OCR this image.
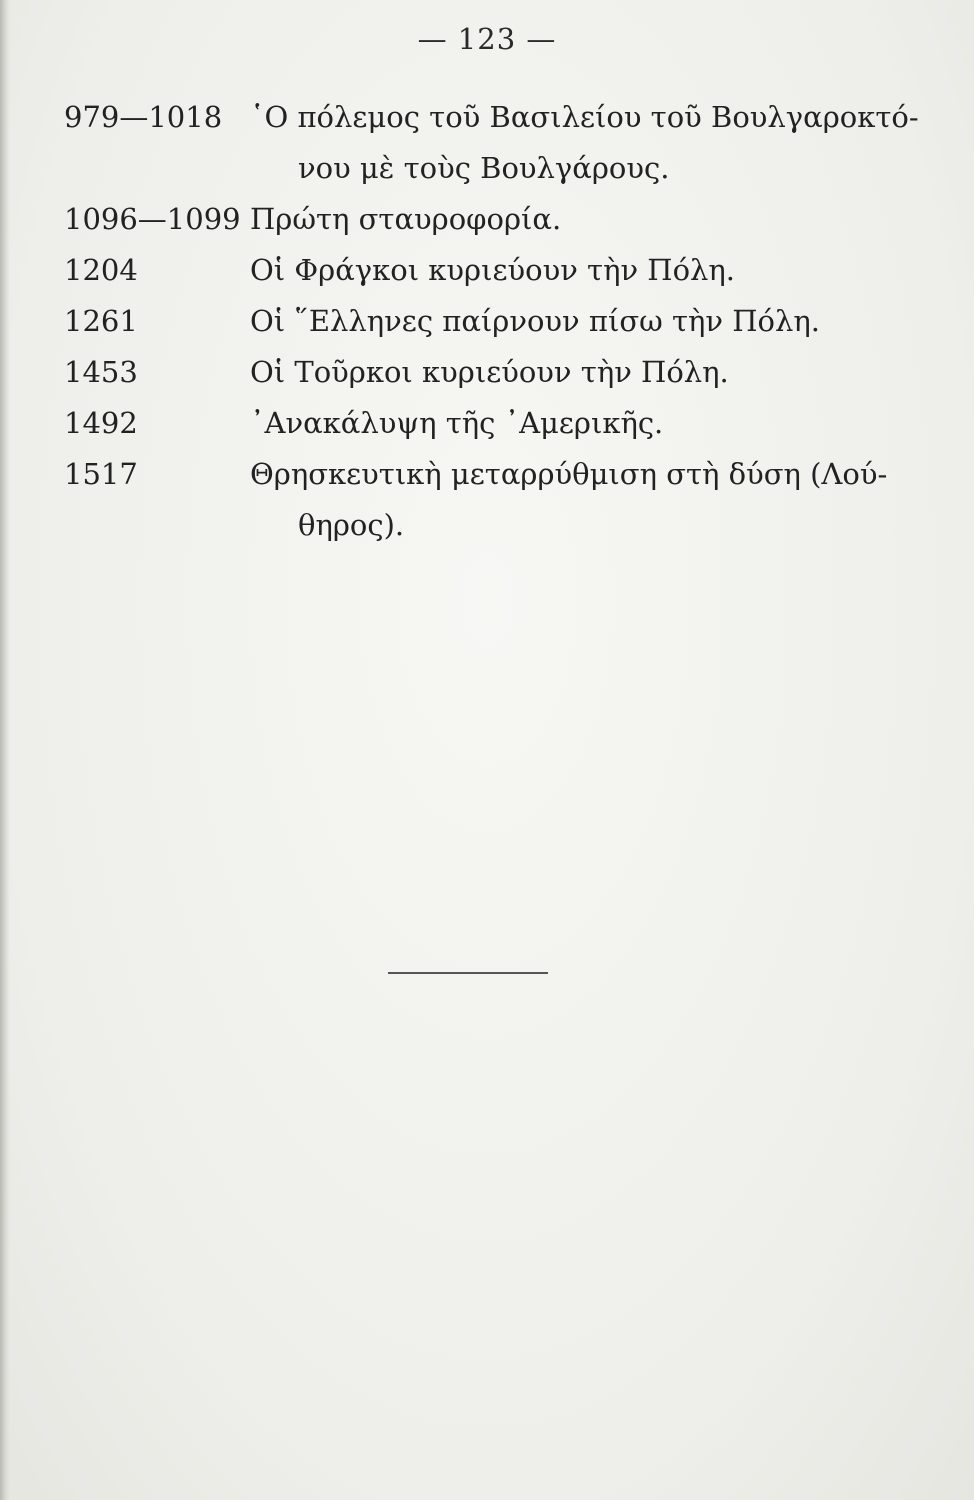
— 123 —
979—1018 ῾Ο πόλεμος τοῦ Βασιλείου τοῦ Βουλγαροκτό-
νου μὲ τοὺς Βουλγάρους.
1096—1099 Πρώτη σταυροφορία.
1204	Οἱ Φράγκοι κυριεύουν τὴν Πόλη.
1261	Οἱ ῞Ελληνες παίρνουν πίσω τὴν Πόλη.
1453	Οἱ Τοῦρκοι κυριεύουν τὴν Πόλη.
1492	᾿Ανακάλυψη τῆς ᾿Αμερικῆς.
1517	Θρησκευτικὴ μεταρρύθμιση στὴ δύση (Λού-
θηρος).
